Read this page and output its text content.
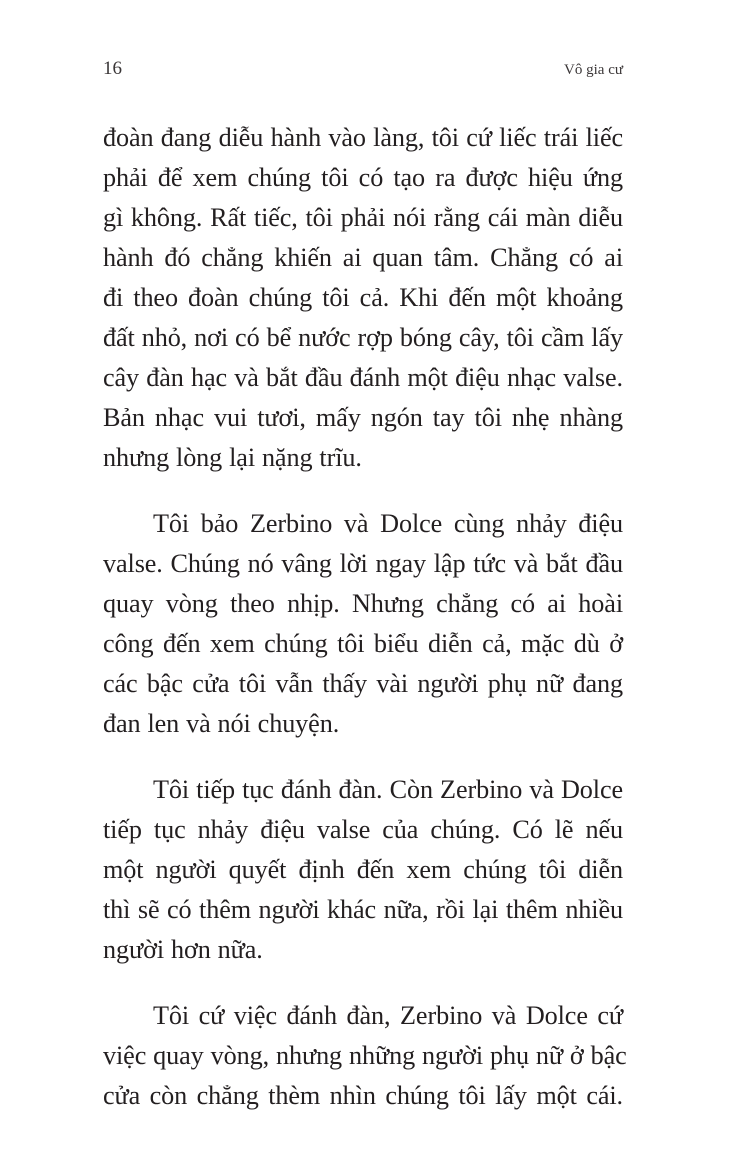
16	Vô gia cư

đoàn đang diễu hành vào làng, tôi cứ liếc trái liếc
phải để xem chúng tôi có tạo ra được hiệu ứng
gì không. Rất tiếc, tôi phải nói rằng cái màn diễu
hành đó chẳng khiến ai quan tâm. Chẳng có ai
đi theo đoàn chúng tôi cả. Khi đến một khoảng
đất nhỏ, nơi có bể nước rợp bóng cây, tôi cầm lấy
cây đàn hạc và bắt đầu đánh một điệu nhạc valse.
Bản nhạc vui tươi, mấy ngón tay tôi nhẹ nhàng
nhưng lòng lại nặng trĩu.

Tôi bảo Zerbino và Dolce cùng nhảy điệu
valse. Chúng nó vâng lời ngay lập tức và bắt đầu
quay vòng theo nhịp. Nhưng chẳng có ai hoài
công đến xem chúng tôi biểu diễn cả, mặc dù ở
các bậc cửa tôi vẫn thấy vài người phụ nữ đang
đan len và nói chuyện.

Tôi tiếp tục đánh đàn. Còn Zerbino và Dolce
tiếp tục nhảy điệu valse của chúng. Có lẽ nếu
một người quyết định đến xem chúng tôi diễn
thì sẽ có thêm người khác nữa, rồi lại thêm nhiều
người hơn nữa.

Tôi cứ việc đánh đàn, Zerbino và Dolce cứ
việc quay vòng, nhưng những người phụ nữ ở bậc
cửa còn chẳng thèm nhìn chúng tôi lấy một cái.
